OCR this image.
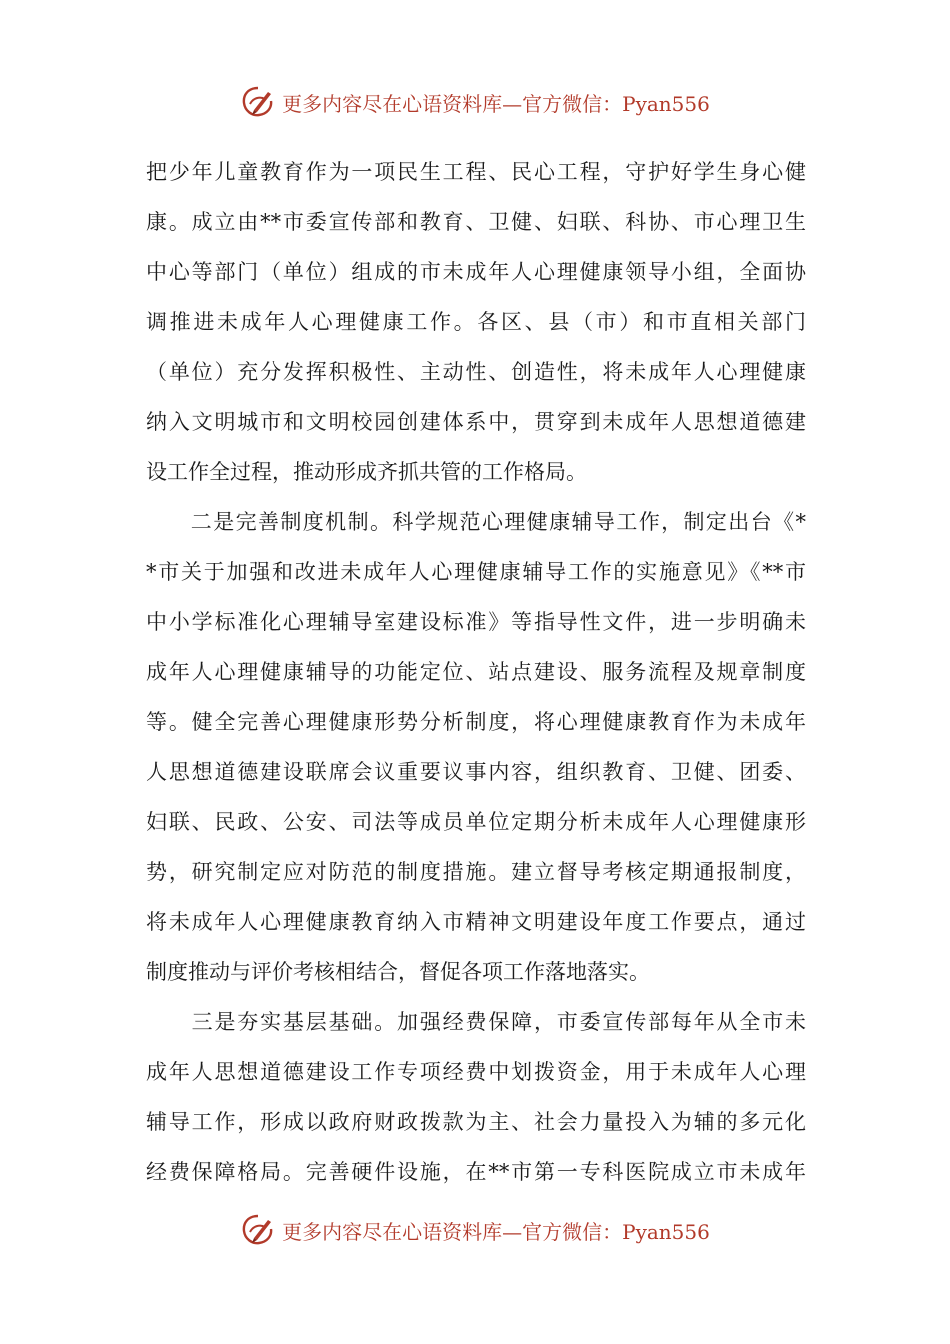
更多内容尽在心语资料库—官方微信：Pyan556
把少年儿童教育作为一项民生工程、民心工程，守护好学生身心健
康。成立由**市委宣传部和教育、卫健、妇联、科协、市心理卫生
中心等部门（单位）组成的市未成年人心理健康领导小组，全面协
调推进未成年人心理健康工作。各区、县（市）和市直相关部门
（单位）充分发挥积极性、主动性、创造性，将未成年人心理健康
纳入文明城市和文明校园创建体系中，贯穿到未成年人思想道德建
设工作全过程，推动形成齐抓共管的工作格局。
　　二是完善制度机制。科学规范心理健康辅导工作，制定出台《*
*市关于加强和改进未成年人心理健康辅导工作的实施意见》《**市
中小学标准化心理辅导室建设标准》等指导性文件，进一步明确未
成年人心理健康辅导的功能定位、站点建设、服务流程及规章制度
等。健全完善心理健康形势分析制度，将心理健康教育作为未成年
人思想道德建设联席会议重要议事内容，组织教育、卫健、团委、
妇联、民政、公安、司法等成员单位定期分析未成年人心理健康形
势，研究制定应对防范的制度措施。建立督导考核定期通报制度，
将未成年人心理健康教育纳入市精神文明建设年度工作要点，通过
制度推动与评价考核相结合，督促各项工作落地落实。
　　三是夯实基层基础。加强经费保障，市委宣传部每年从全市未
成年人思想道德建设工作专项经费中划拨资金，用于未成年人心理
辅导工作，形成以政府财政拨款为主、社会力量投入为辅的多元化
经费保障格局。完善硬件设施，在**市第一专科医院成立市未成年
更多内容尽在心语资料库—官方微信：Pyan556
